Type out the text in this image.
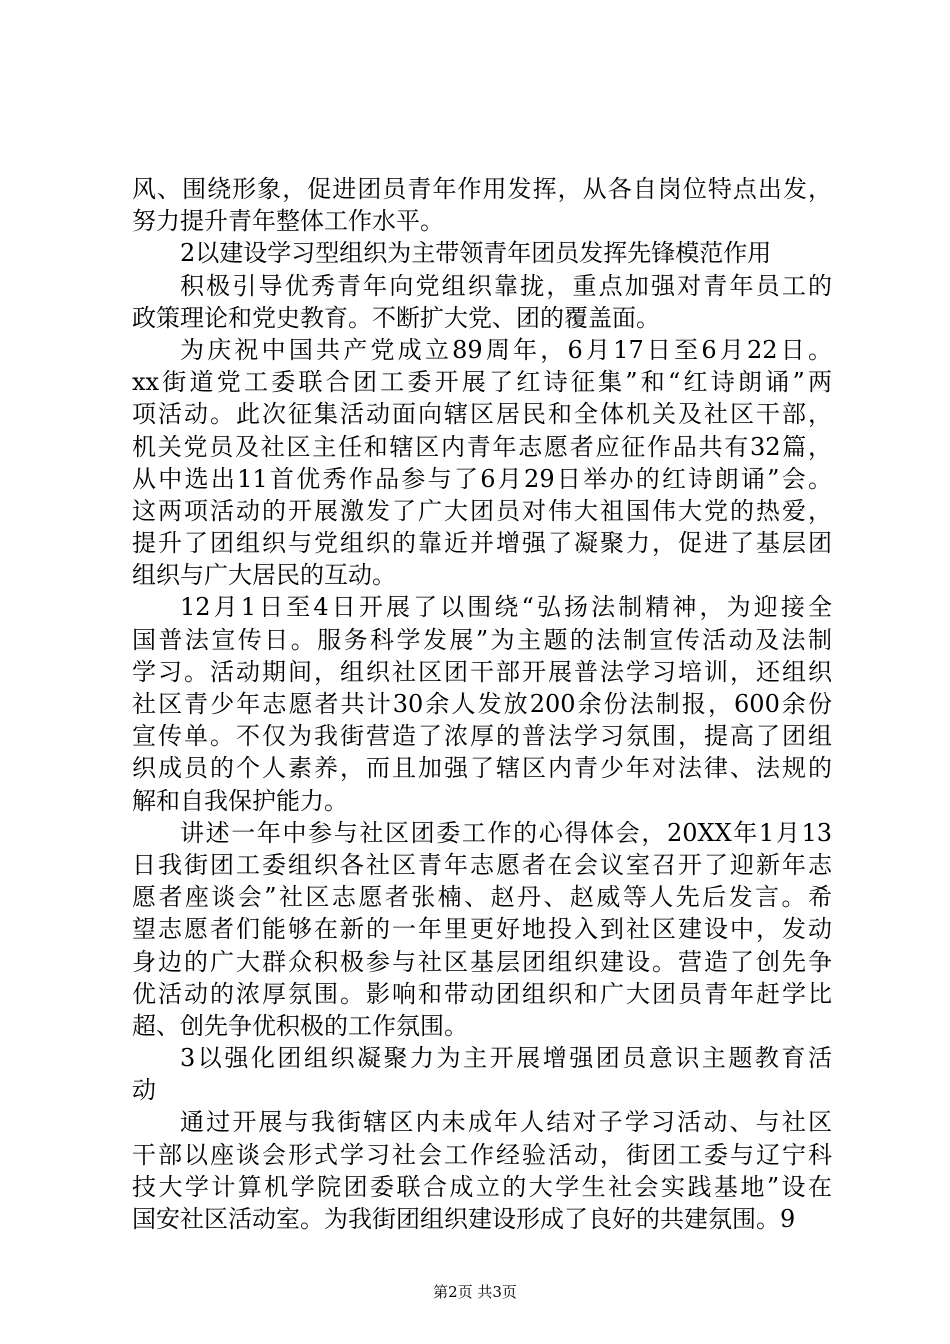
风、围绕形象，促进团员青年作用发挥，从各自岗位特点出发，
努力提升青年整体工作水平。
2以建设学习型组织为主带领青年团员发挥先锋模范作用
积极引导优秀青年向党组织靠拢，重点加强对青年员工的
政策理论和党史教育。不断扩大党、团的覆盖面。
为庆祝中国共产党成立89周年，6月17日至6月22日。
xx街道党工委联合团工委开展了红诗征集”和“红诗朗诵”两
项活动。此次征集活动面向辖区居民和全体机关及社区干部，
机关党员及社区主任和辖区内青年志愿者应征作品共有32篇，
从中选出11首优秀作品参与了6月29日举办的红诗朗诵”会。
这两项活动的开展激发了广大团员对伟大祖国伟大党的热爱，
提升了团组织与党组织的靠近并增强了凝聚力，促进了基层团
组织与广大居民的互动。
12月1日至4日开展了以围绕“弘扬法制精神，为迎接全
国普法宣传日。服务科学发展”为主题的法制宣传活动及法制
学习。活动期间，组织社区团干部开展普法学习培训，还组织
社区青少年志愿者共计30余人发放200余份法制报，600余份
宣传单。不仅为我街营造了浓厚的普法学习氛围，提高了团组
织成员的个人素养，而且加强了辖区内青少年对法律、法规的
解和自我保护能力。
讲述一年中参与社区团委工作的心得体会，20XX年1月13
日我街团工委组织各社区青年志愿者在会议室召开了迎新年志
愿者座谈会”社区志愿者张楠、赵丹、赵威等人先后发言。希
望志愿者们能够在新的一年里更好地投入到社区建设中，发动
身边的广大群众积极参与社区基层团组织建设。营造了创先争
优活动的浓厚氛围。影响和带动团组织和广大团员青年赶学比
超、创先争优积极的工作氛围。
3以强化团组织凝聚力为主开展增强团员意识主题教育活
动
通过开展与我街辖区内未成年人结对子学习活动、与社区
干部以座谈会形式学习社会工作经验活动，街团工委与辽宁科
技大学计算机学院团委联合成立的大学生社会实践基地”设在
国安社区活动室。为我街团组织建设形成了良好的共建氛围。9
第2页 共3页
